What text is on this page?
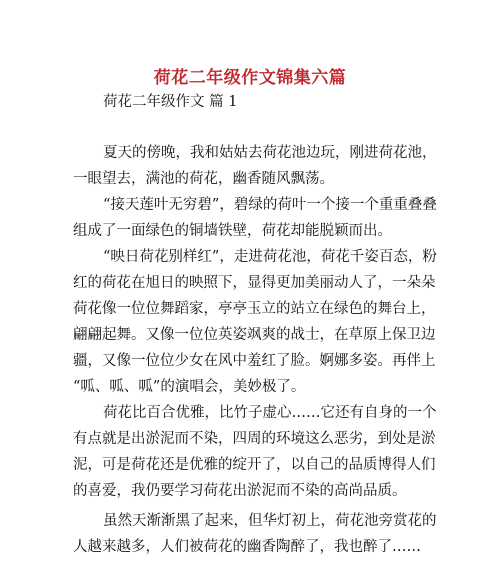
荷花二年级作文锦集六篇

荷花二年级作文 篇 1

夏天的傍晚，我和姑姑去荷花池边玩，刚进荷花池，

一眼望去，满池的荷花，幽香随风飘荡。

“接天莲叶无穷碧”，碧绿的荷叶一个接一个重重叠叠

组成了一面绿色的铜墙铁壁，荷花却能脱颖而出。

“映日荷花别样红”，走进荷花池，荷花千姿百态，粉

红的荷花在旭日的映照下，显得更加美丽动人了，一朵朵

荷花像一位位舞蹈家，亭亭玉立的站立在绿色的舞台上，

翩翩起舞。又像一位位英姿飒爽的战士，在草原上保卫边

疆，又像一位位少女在风中羞红了脸。婀娜多姿。再伴上

“呱、呱、呱”的演唱会，美妙极了。

荷花比百合优雅，比竹子虚心……它还有自身的一个

有点就是出淤泥而不染，四周的环境这么恶劣，到处是淤

泥，可是荷花还是优雅的绽开了，以自己的品质博得人们

的喜爱，我仍要学习荷花出淤泥而不染的高尚品质。

虽然天渐渐黑了起来，但华灯初上，荷花池旁赏花的

人越来越多，人们被荷花的幽香陶醉了，我也醉了……
